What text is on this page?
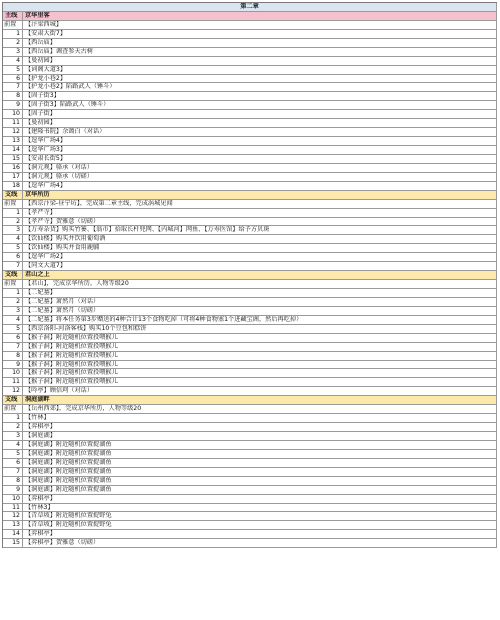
第二章
主线	京华里客
前置	【汴梁西城】
1 【安肃大街7】
2 【西岳庙】
3 【西岳庙】调查参天古树
4 【曼初园】
5 【词阁大道3】
6 【护龙小巷2】
7 【护龙小巷2】陷路武人（锤斗）
8 【固子街3】
9 【固子街3】陷路武人（锤斗）
10 【固子街】
11 【曼初园】
12 【建隆书院】余蔼白（对话）
13 【逗华广场4】
14 【逗华广场3】
15 【安肃长街5】
16 【洞元观】骆承（对话）
17 【洞元观】骆承（切磋）
18 【逗华广场4】
支线	京华所历
前置	【西京汴梁-昼宁坊】，完成第二章主线，完成涡城见闻
1 【孝严寺】
2 【孝严寺】贺雅意（切磋）
3 【万寿杂货】购买竹篓、【翁市】拾取长杆兜网、【内城河】网鱼、【万寿医馆】给予方贝斑
4 【饮仙楼】购买并饮用葡萄酒
5 【饮仙楼】购买并食用鹿脯
6 【逗华广场2】
7 【同文大道7】
支线	君山之上
前置	【君山】，完成京华所历，人物等级20
1 【二妃墓】
2 【二妃墓】萧然月（对话）
3 【二妃墓】萧然月（切磋）
4 【二妃墓】将本任务第3步赠送的4种合计13个食物吃掉（可将4种食物塞1个进藏宝阁，然后再吃掉）
5 【西京洛阳-河洛客栈】购买10个豆包和糕饼
6 【猴子洞】附近随机位置投喂猴儿
7 【猴子洞】附近随机位置投喂猴儿
8 【猴子洞】附近随机位置投喂猴儿
9 【猴子洞】附近随机位置投喂猴儿
10 【猴子洞】附近随机位置投喂猴儿
11 【猴子洞】附近随机位置投喂猴儿
12 【吟亭】顾信珂（对话）
支线	洞庭湖畔
前置	【岳州西郊】，完成京华所历，人物等级20
1 【竹林】
2 【弈棋亭】
3 【洞庭湖】
4 【洞庭湖】附近随机位置捉湖鱼
5 【洞庭湖】附近随机位置捉湖鱼
6 【洞庭湖】附近随机位置捉湖鱼
7 【洞庭湖】附近随机位置捉湖鱼
8 【洞庭湖】附近随机位置捉湖鱼
9 【洞庭湖】附近随机位置捉湖鱼
10 【弈棋亭】
11 【竹林3】
12 【青草坡】附近随机位置捉野兔
13 【青草坡】附近随机位置捉野兔
14 【弈棋亭】
15 【弈棋亭】贺雅意（切磋）
